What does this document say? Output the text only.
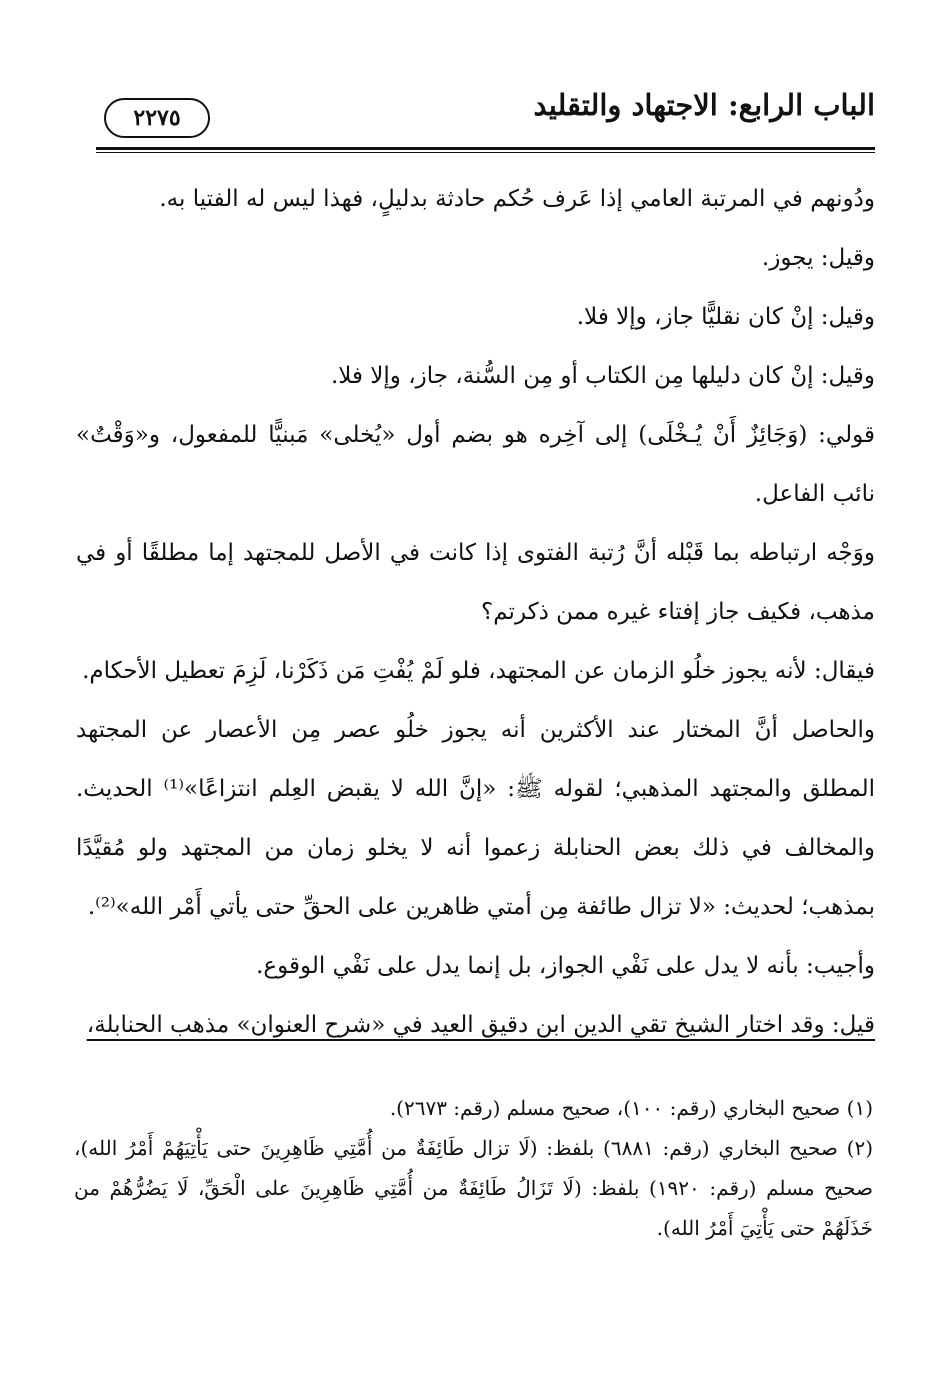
الباب الرابع: الاجتهاد والتقليد
٢٢٧٥

ودُونهم في المرتبة العامي إذا عَرف حُكم حادثة بدليلٍ، فهذا ليس له الفتيا به.

وقيل: يجوز.

وقيل: إنْ كان نقليًّا جاز، وإلا فلا.

وقيل: إنْ كان دليلها مِن الكتاب أو مِن السُّنة، جاز، وإلا فلا.

قولي: (وَجَائِزٌ أَنْ يُـخْلَى) إلى آخِره هو بضم أول «يُخلى» مَبنيًّا للمفعول، و«وَقْتٌ» نائب الفاعل.

ووَجْه ارتباطه بما قَبْله أنَّ رُتبة الفتوى إذا كانت في الأصل للمجتهد إما مطلقًا أو في مذهب، فكيف جاز إفتاء غيره ممن ذكرتم؟

فيقال: لأنه يجوز خلُو الزمان عن المجتهد، فلو لَمْ يُفْتِ مَن ذَكَرْنا، لَزِمَ تعطيل الأحكام.

والحاصل أنَّ المختار عند الأكثرين أنه يجوز خلُو عصر مِن الأعصار عن المجتهد المطلق والمجتهد المذهبي؛ لقوله ﷺ: «إنَّ الله لا يقبض العِلم انتزاعًا»⁽¹⁾ الحديث. والمخالف في ذلك بعض الحنابلة زعموا أنه لا يخلو زمان من المجتهد ولو مُقيَّدًا بمذهب؛ لحديث: «لا تزال طائفة مِن أمتي ظاهرين على الحقِّ حتى يأتي أَمْر الله»⁽²⁾.

وأجيب: بأنه لا يدل على نَفْي الجواز، بل إنما يدل على نَفْي الوقوع.

قيل: وقد اختار الشيخ تقي الدين ابن دقيق العيد في «شرح العنوان» مذهب الحنابلة،

(١) صحيح البخاري (رقم: ١٠٠)، صحيح مسلم (رقم: ٢٦٧٣).

(٢) صحيح البخاري (رقم: ٦٨٨١) بلفظ: (لَا تزال طَائِفَةٌ من أُمَّتِي ظَاهِرِينَ حتى يَأْتِيَهُمْ أَمْرُ الله)، صحيح مسلم (رقم: ١٩٢٠) بلفظ: (لَا تَزَالُ طَائِفَةٌ من أُمَّتِي ظَاهِرِينَ على الْحَقِّ، لَا يَضُرُّهُمْ من خَذَلَهُمْ حتى يَأْتِيَ أَمْرُ الله).
